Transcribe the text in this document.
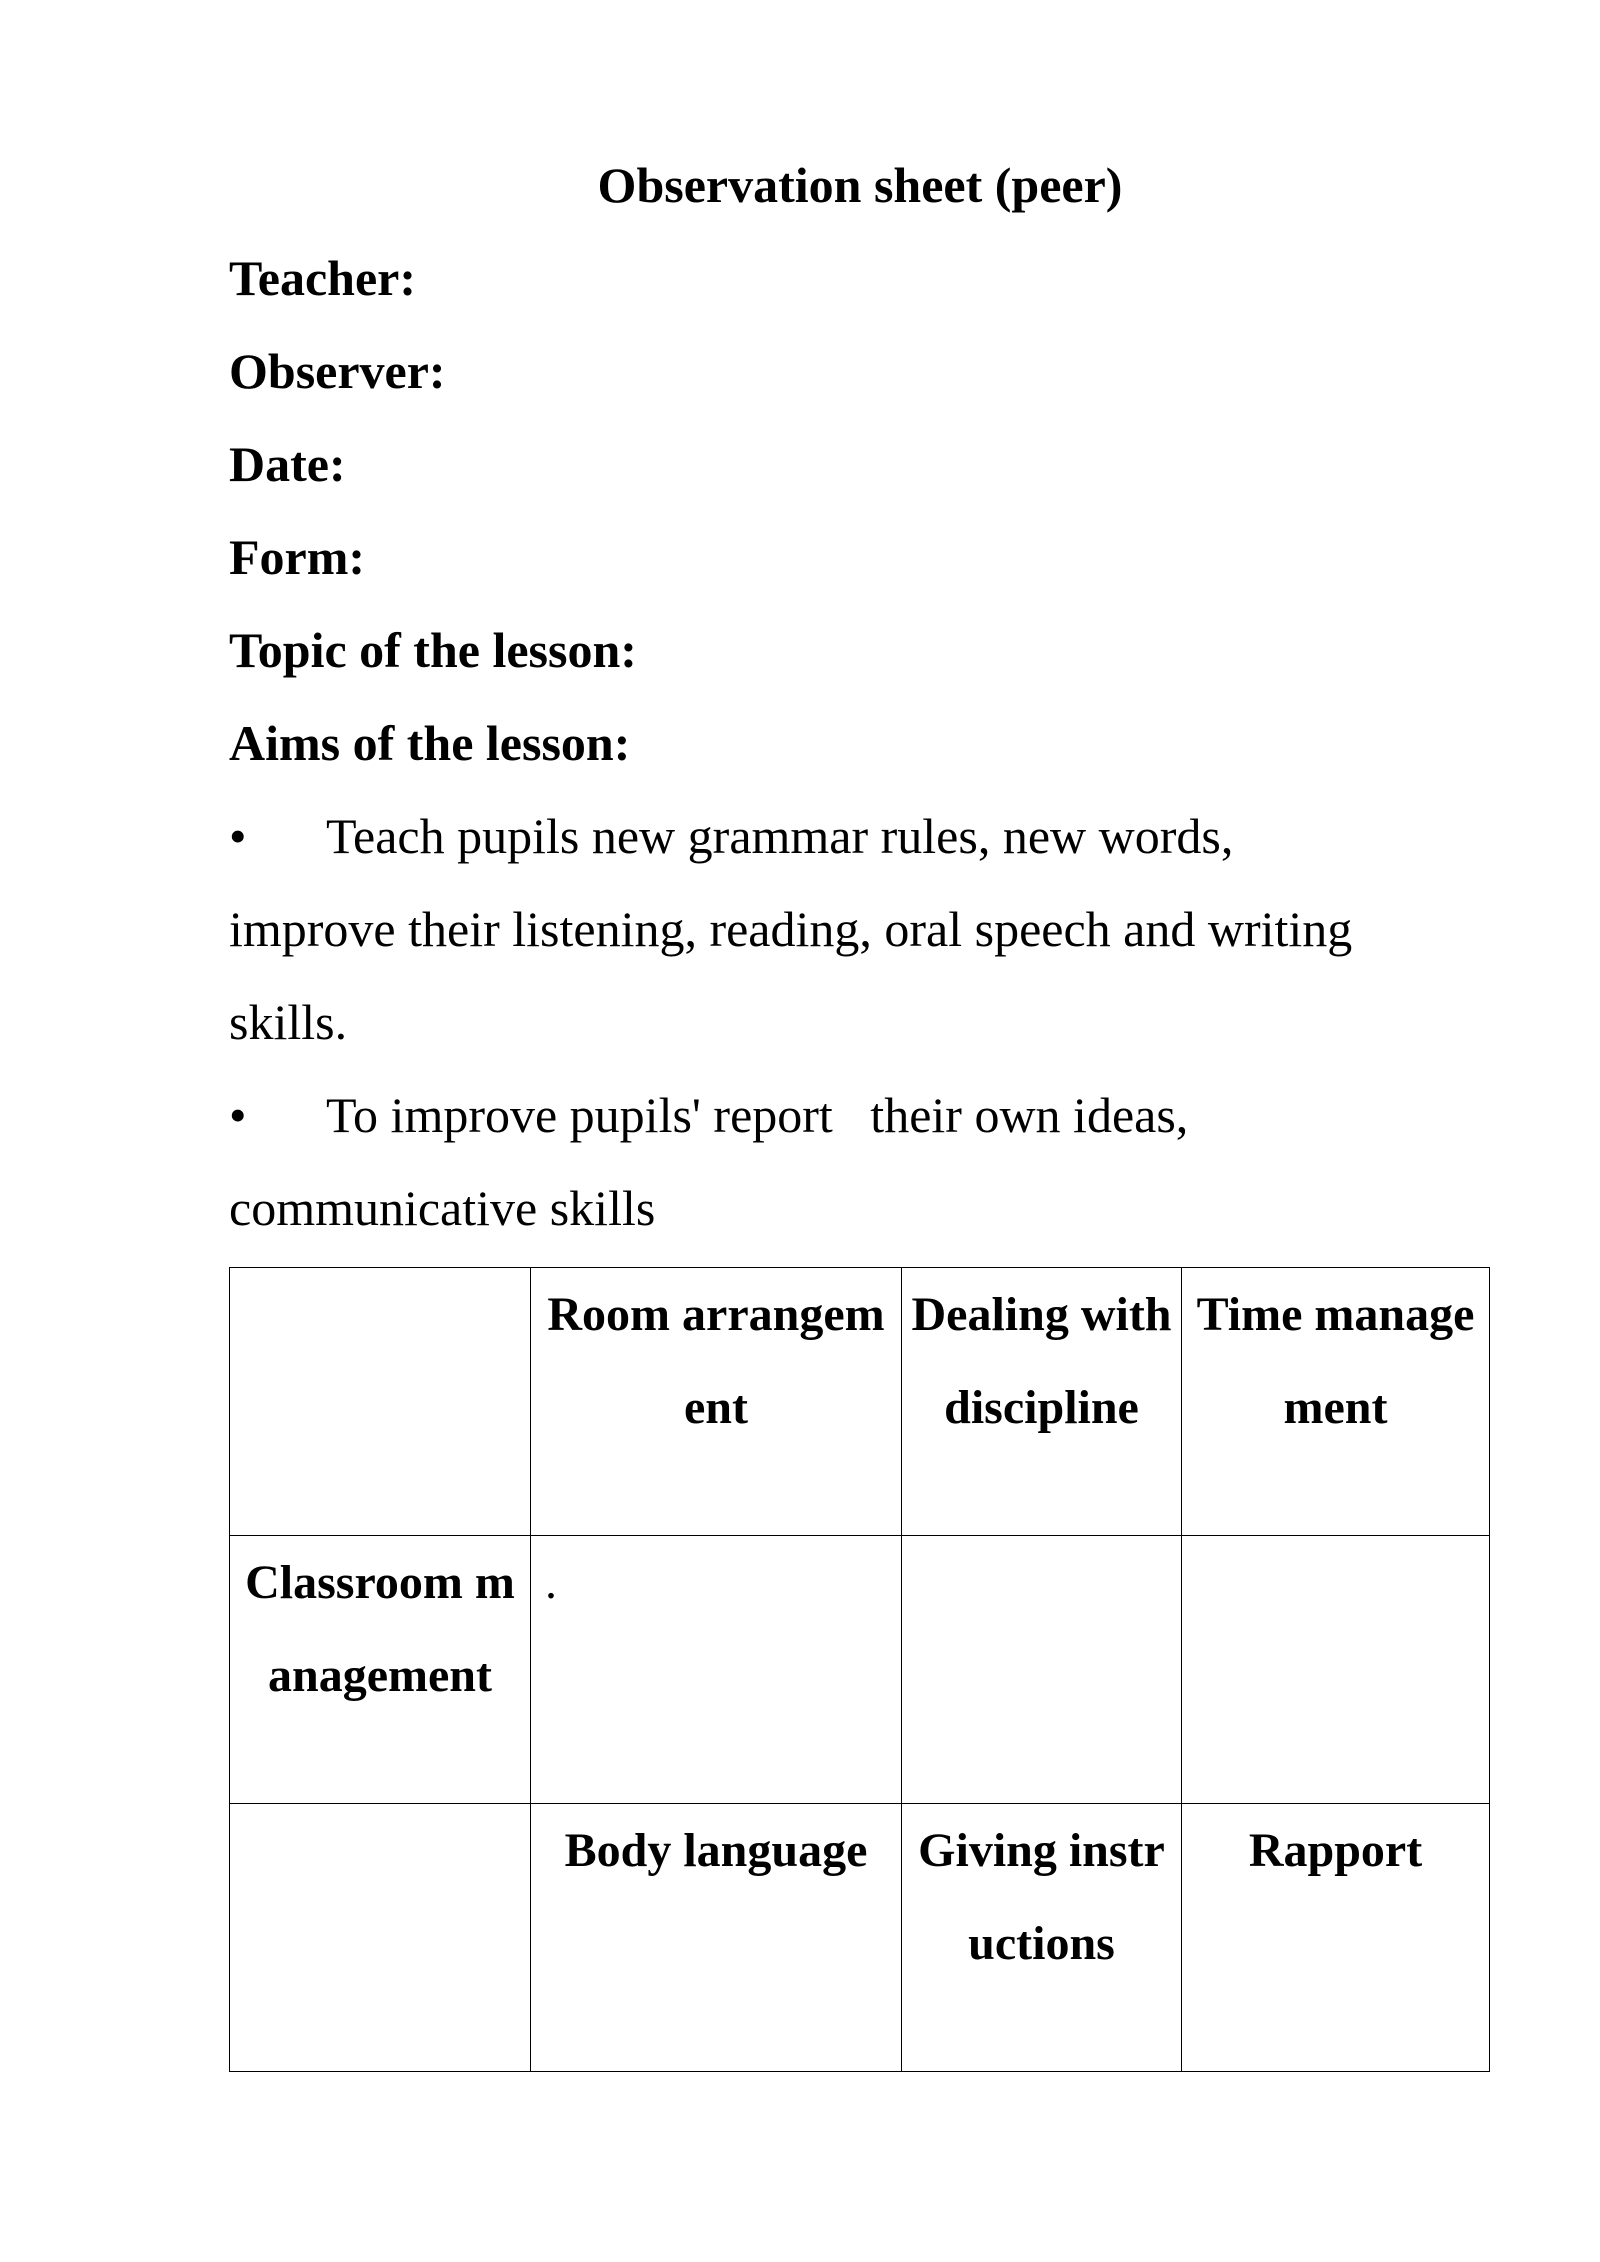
Observation sheet (peer)
Teacher:
Observer:
Date:
Form:
Topic of the lesson:
Aims of the lesson:
• Teach pupils new grammar rules, new words,
improve their listening, reading, oral speech and writing
skills.
• To improve pupils' report   their own ideas,
communicative skills
	Room arrangement	Dealing with discipline	Time management
Classroom management	.		
	Body language	Giving instructions	Rapport
